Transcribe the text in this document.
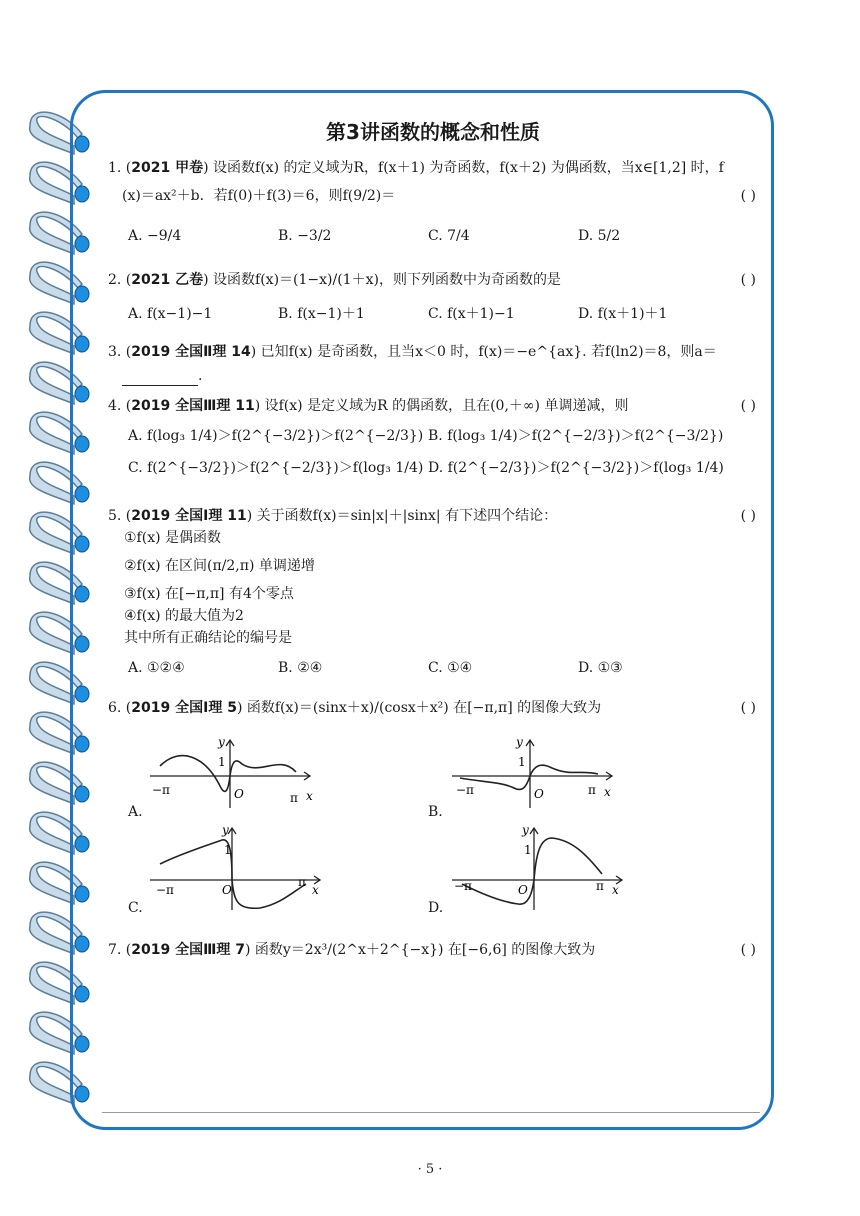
第3讲函数的概念和性质
1. (2021 甲卷) 设函数f(x) 的定义域为R，f(x＋1) 为奇函数，f(x＋2) 为偶函数，当x∈[1,2] 时，f
(x)＝ax²＋b．若f(0)＋f(3)＝6，则f(9/2)＝	( )
A. −9/4	B. −3/2	C. 7/4	D. 5/2
2. (2021 乙卷) 设函数f(x)＝(1−x)/(1＋x)，则下列函数中为奇函数的是	( )
A. f(x−1)−1	B. f(x−1)＋1	C. f(x＋1)−1	D. f(x＋1)＋1
3. (2019 全国Ⅱ理 14) 已知f(x) 是奇函数，且当x＜0 时，f(x)＝−e^{ax}. 若f(ln2)＝8，则a＝
.
4. (2019 全国Ⅲ理 11) 设f(x) 是定义域为R 的偶函数，且在(0,＋∞) 单调递减，则	( )
A. f(log₃ 1/4)＞f(2^{−3/2})＞f(2^{−2/3}) B. f(log₃ 1/4)＞f(2^{−2/3})＞f(2^{−3/2})
C. f(2^{−3/2})＞f(2^{−2/3})＞f(log₃ 1/4) D. f(2^{−2/3})＞f(2^{−3/2})＞f(log₃ 1/4)
5. (2019 全国Ⅰ理 11) 关于函数f(x)＝sin|x|＋|sinx| 有下述四个结论：	( )
①f(x) 是偶函数
②f(x) 在区间(π/2,π) 单调递增
③f(x) 在[−π,π] 有4个零点
④f(x) 的最大值为2
其中所有正确结论的编号是
A. ①②④	B. ②④	C. ①④	D. ①③
6. (2019 全国Ⅰ理 5) 函数f(x)＝(sinx＋x)/(cosx＋x²) 在[−π,π] 的图像大致为	( )
7. (2019 全国Ⅲ理 7) 函数y＝2x³/(2^x＋2^{−x}) 在[−6,6] 的图像大致为	( )
A.	B.
C.	D.
y
1
O
−π
π x
y
1
O
−π	π x
y
1
O
−π
π
x
y
1
O
−π	π x
· 5 ·
